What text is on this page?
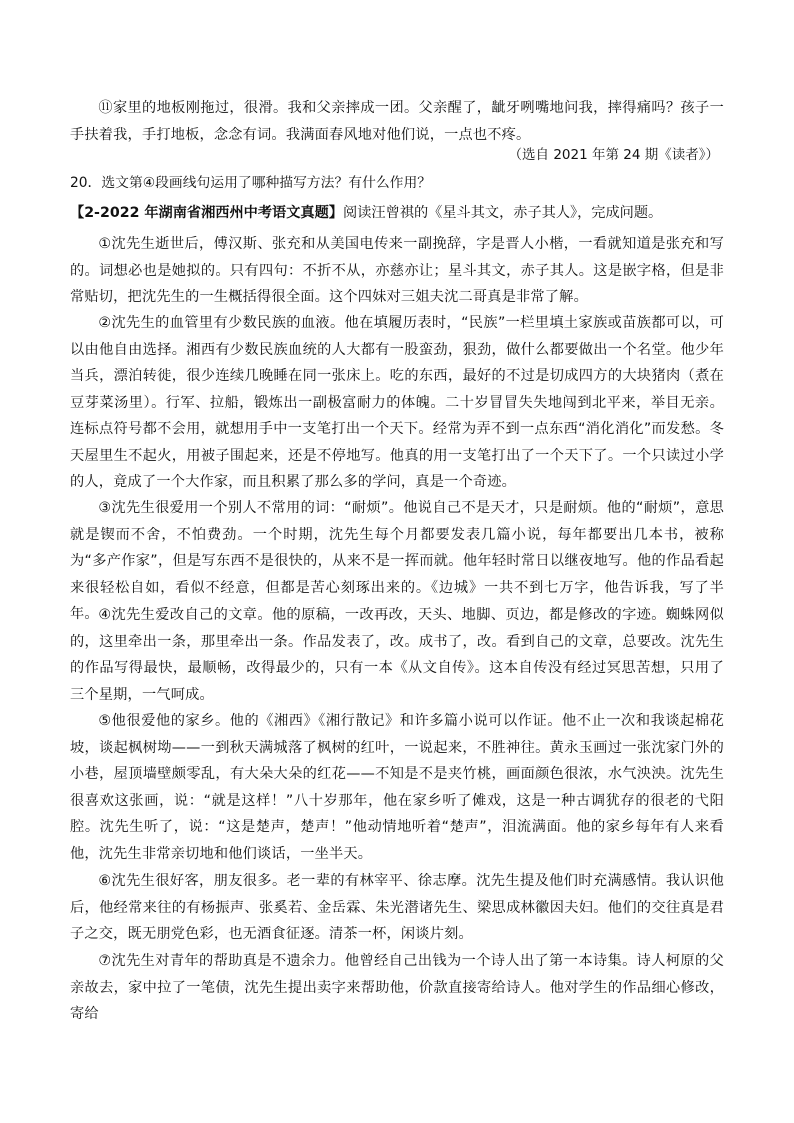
⑪家里的地板刚拖过，很滑。我和父亲摔成一团。父亲醒了，龇牙咧嘴地问我，摔得痛吗？孩子一手扶着我，手打地板，念念有词。我满面春风地对他们说，一点也不疼。

（选自 2021 年第 24 期《读者》）
20．选文第④段画线句运用了哪种描写方法？有什么作用？
【2-2022 年湖南省湘西州中考语文真题】阅读汪曾祺的《星斗其文，赤子其人》，完成问题。

①沈先生逝世后，傅汉斯、张充和从美国电传来一副挽辞，字是晋人小楷，一看就知道是张充和写的。词想必也是她拟的。只有四句：不折不从，亦慈亦让；星斗其文，赤子其人。这是嵌字格，但是非常贴切，把沈先生的一生概括得很全面。这个四妹对三姐夫沈二哥真是非常了解。

②沈先生的血管里有少数民族的血液。他在填履历表时，“民族”一栏里填土家族或苗族都可以，可以由他自由选择。湘西有少数民族血统的人大都有一股蛮劲，狠劲，做什么都要做出一个名堂。他少年当兵，漂泊转徙，很少连续几晚睡在同一张床上。吃的东西，最好的不过是切成四方的大块猪肉（煮在豆芽菜汤里）。行军、拉船，锻炼出一副极富耐力的体魄。二十岁冒冒失失地闯到北平来，举目无亲。连标点符号都不会用，就想用手中一支笔打出一个天下。经常为弄不到一点东西“消化消化”而发愁。冬天屋里生不起火，用被子围起来，还是不停地写。他真的用一支笔打出了一个天下了。一个只读过小学的人，竟成了一个大作家，而且积累了那么多的学问，真是一个奇迹。

③沈先生很爱用一个别人不常用的词：“耐烦”。他说自己不是天才，只是耐烦。他的“耐烦”，意思就是锲而不舍，不怕费劲。一个时期，沈先生每个月都要发表几篇小说，每年都要出几本书，被称为“多产作家”，但是写东西不是很快的，从来不是一挥而就。他年轻时常日以继夜地写。他的作品看起来很轻松自如，看似不经意，但都是苦心刻琢出来的。《边城》一共不到七万字，他告诉我，写了半年。 ④沈先生爱改自己的文章。他的原稿，一改再改，天头、地脚、页边，都是修改的字迹。蜘蛛网似的，这里牵出一条，那里牵出一条。作品发表了，改。成书了，改。看到自己的文章，总要改。沈先生的作品写得最快，最顺畅，改得最少的，只有一本《从文自传》。这本自传没有经过冥思苦想，只用了三个星期，一气呵成。

⑤他很爱他的家乡。他的《湘西》《湘行散记》和许多篇小说可以作证。他不止一次和我谈起棉花坡，谈起枫树坳——一到秋天满城落了枫树的红叶，一说起来，不胜神往。黄永玉画过一张沈家门外的小巷，屋顶墙壁颇零乱，有大朵大朵的红花——不知是不是夹竹桃，画面颜色很浓，水气泱泱。沈先生很喜欢这张画，说：“就是这样！”八十岁那年，他在家乡听了傩戏，这是一种古调犹存的很老的弋阳腔。沈先生听了，说：“这是楚声，楚声！”他动情地听着“楚声”，泪流满面。他的家乡每年有人来看他，沈先生非常亲切地和他们谈话，一坐半天。

⑥沈先生很好客，朋友很多。老一辈的有林宰平、徐志摩。沈先生提及他们时充满感情。我认识他后，他经常来往的有杨振声、张奚若、金岳霖、朱光潜诸先生、梁思成林徽因夫妇。他们的交往真是君子之交，既无朋党色彩，也无酒食征逐。清茶一杯，闲谈片刻。

⑦沈先生对青年的帮助真是不遗余力。他曾经自己出钱为一个诗人出了第一本诗集。诗人柯原的父亲故去，家中拉了一笔债，沈先生提出卖字来帮助他，价款直接寄给诗人。他对学生的作品细心修改，寄给
